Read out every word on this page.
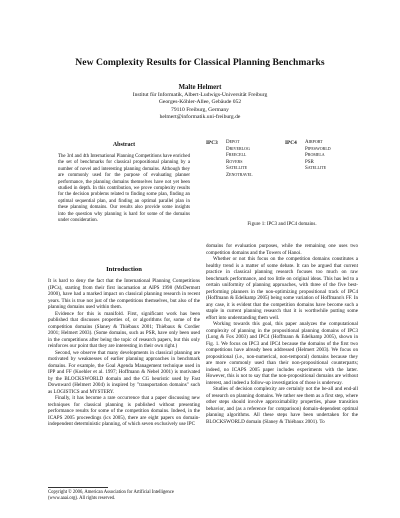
New Complexity Results for Classical Planning Benchmarks
Malte Helmert
Institut für Informatik, Albert-Ludwigs-Universität Freiburg
Georges-Köhler-Allee, Gebäude 052
79110 Freiburg, Germany
helmert@informatik.uni-freiburg.de
Abstract
The 3rd and 4th International Planning Competitions have enriched the set of benchmarks for classical propositional planning by a number of novel and interesting planning domains. Although they are commonly used for the purpose of evaluating planner performance, the planning domains themselves have not yet been studied in depth. In this contribution, we prove complexity results for the decision problems related to finding some plan, finding an optimal sequential plan, and finding an optimal parallel plan in these planning domains. Our results also provide some insights into the question why planning is hard for some of the domains under consideration.
Introduction

It is hard to deny the fact that the International Planning Competitions (IPCs), starting from their first incarnation at AIPS 1998 (McDermott 2000), have had a marked impact on classical planning research in recent years. This is true not just of the competitions themselves, but also of the planning domains used within them.

Evidence for this is manifold. First, significant work has been published that discusses properties of, or algorithms for, some of the competition domains (Slaney & Thiébaux 2001; Thiébaux & Cordier 2001; Helmert 2003). (Some domains, such as PSR, have only been used in the competitions after being the topic of research papers, but this only reinforces our point that they are interesting in their own right.)

Second, we observe that many developments in classical planning are motivated by weaknesses of earlier planning approaches in benchmark domains. For example, the Goal Agenda Management technique used in IPP and FF (Koehler et al. 1997; Hoffmann & Nebel 2001) is motivated by the BLOCKSWORLD domain and the CG heuristic used by Fast Downward (Helmert 2004) is inspired by "transportation domains" such as LOGISTICS and MYSTERY.

Finally, it has become a rare occurrence that a paper discussing new techniques for classical planning is published without presenting performance results for some of the competition domains. Indeed, in the ICAPS 2005 proceedings (ics 2005), there are eight papers on domain-independent deterministic planning, of which seven exclusively use IPC

Copyright © 2006, American Association for Artificial Intelligence (www.aaai.org). All rights reserved.
IPC3 Depot
Driverlog
Freecell
Rovers
Satellite
Zenotravel
IPC4 Airport
Pipesworld
Promela
PSR
Satellite
Figure 1: IPC3 and IPC4 domains.

domains for evaluation purposes, while the remaining one uses two competition domains and the Towers of Hanoi.

Whether or not this focus on the competition domains constitutes a healthy trend is a matter of some debate. It can be argued that current practice in classical planning research focuses too much on raw benchmark performance, and too little on original ideas. This has led to a certain uniformity of planning approaches, with three of the five best-performing planners in the non-optimizing propositional track of IPC4 (Hoffmann & Edelkamp 2005) being some variation of Hoffmann's FF. In any case, it is evident that the competition domains have become such a staple in current planning research that it is worthwhile putting some effort into understanding them well.

Working towards this goal, this paper analyzes the computational complexity of planning in the propositional planning domains of IPC3 (Long & Fox 2003) and IPC4 (Hoffmann & Edelkamp 2005), shown in Fig. 1. We focus on IPC3 and IPC4 because the domains of the first two competitions have already been addressed (Helmert 2003). We focus on propositional (i.e., non-numerical, non-temporal) domains because they are more commonly used than their non-propositional counterparts; indeed, no ICAPS 2005 paper includes experiments with the latter. However, this is not to say that the non-propositional domains are without interest, and indeed a follow-up investigation of those is underway.

Studies of decision complexity are certainly not the be-all and end-all of research on planning domains. We rather see them as a first step, where other steps should involve approximability properties, phase transition behavior, and (as a reference for comparison) domain-dependent optimal planning algorithms. All these steps have been undertaken for the BLOCKSWORLD domain (Slaney & Thiébaux 2001). To
